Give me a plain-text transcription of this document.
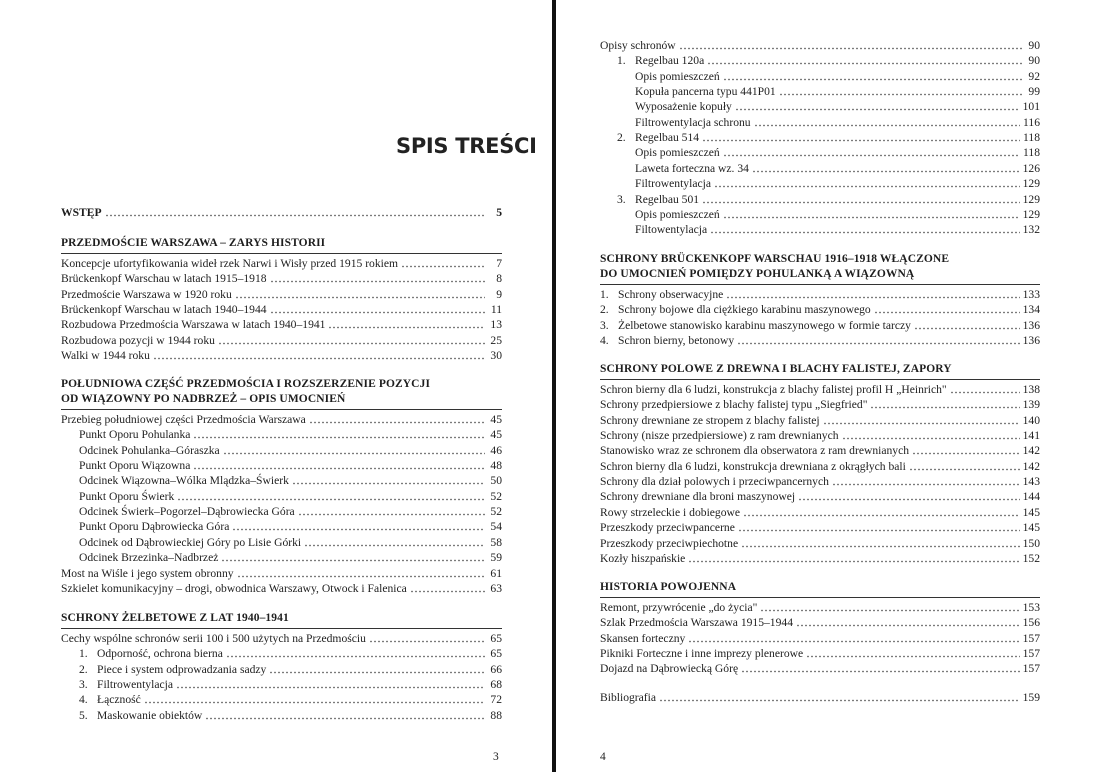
SPIS TREŚCI
WSTĘP	5
PRZEDMOŚCIE WARSZAWA – ZARYS HISTORII
Koncepcje ufortyfikowania wideł rzek Narwi i Wisły przed 1915 rokiem	7
Brückenkopf Warschau w latach 1915–1918	8
Przedmoście Warszawa w 1920 roku	9
Brückenkopf Warschau w latach 1940–1944	11
Rozbudowa Przedmościa Warszawa w latach 1940–1941	13
Rozbudowa pozycji w 1944 roku	25
Walki w 1944 roku	30
POŁUDNIOWA CZĘŚĆ PRZEDMOŚCIA I ROZSZERZENIE POZYCJI
OD WIĄZOWNY PO NADBRZEŻ – OPIS UMOCNIEŃ
Przebieg południowej części Przedmościa Warszawa	45
Punkt Oporu Pohulanka	45
Odcinek Pohulanka–Góraszka	46
Punkt Oporu Wiązowna	48
Odcinek Wiązowna–Wólka Mlądzka–Świerk	50
Punkt Oporu Świerk	52
Odcinek Świerk–Pogorzel–Dąbrowiecka Góra	52
Punkt Oporu Dąbrowiecka Góra	54
Odcinek od Dąbrowieckiej Góry po Lisie Górki	58
Odcinek Brzezinka–Nadbrzeż	59
Most na Wiśle i jego system obronny	61
Szkielet komunikacyjny – drogi, obwodnica Warszawy, Otwock i Falenica	63
SCHRONY ŻELBETOWE Z LAT 1940–1941
Cechy wspólne schronów serii 100 i 500 użytych na Przedmościu	65
1. Odporność, ochrona bierna	65
2. Piece i system odprowadzania sadzy	66
3. Filtrowentylacja	68
4. Łączność	72
5. Maskowanie obiektów	88
3
Opisy schronów	90
1. Regelbau 120a	90
Opis pomieszczeń	92
Kopuła pancerna typu 441P01	99
Wyposażenie kopuły	101
Filtrowentylacja schronu	116
2. Regelbau 514	118
Opis pomieszczeń	118
Laweta forteczna wz. 34	126
Filtrowentylacja	129
3. Regelbau 501	129
Opis pomieszczeń	129
Filtowentylacja	132
SCHRONY BRÜCKENKOPF WARSCHAU 1916–1918 WŁĄCZONE
DO UMOCNIEŃ POMIĘDZY POHULANKĄ A WIĄZOWNĄ
1. Schrony obserwacyjne	133
2. Schrony bojowe dla ciężkiego karabinu maszynowego	134
3. Żelbetowe stanowisko karabinu maszynowego w formie tarczy	136
4. Schron bierny, betonowy	136
SCHRONY POLOWE Z DREWNA I BLACHY FALISTEJ, ZAPORY
Schron bierny dla 6 ludzi, konstrukcja z blachy falistej profil H „Heinrich"	138
Schrony przedpiersiowe z blachy falistej typu „Siegfried"	139
Schrony drewniane ze stropem z blachy falistej	140
Schrony (nisze przedpiersiowe) z ram drewnianych	141
Stanowisko wraz ze schronem dla obserwatora z ram drewnianych	142
Schron bierny dla 6 ludzi, konstrukcja drewniana z okrągłych bali	142
Schrony dla dział polowych i przeciwpancernych	143
Schrony drewniane dla broni maszynowej	144
Rowy strzeleckie i dobiegowe	145
Przeszkody przeciwpancerne	145
Przeszkody przeciwpiechotne	150
Kozły hiszpańskie	152
HISTORIA POWOJENNA
Remont, przywrócenie „do życia"	153
Szlak Przedmościa Warszawa 1915–1944	156
Skansen forteczny	157
Pikniki Forteczne i inne imprezy plenerowe	157
Dojazd na Dąbrowiecką Górę	157
Bibliografia	159
4
